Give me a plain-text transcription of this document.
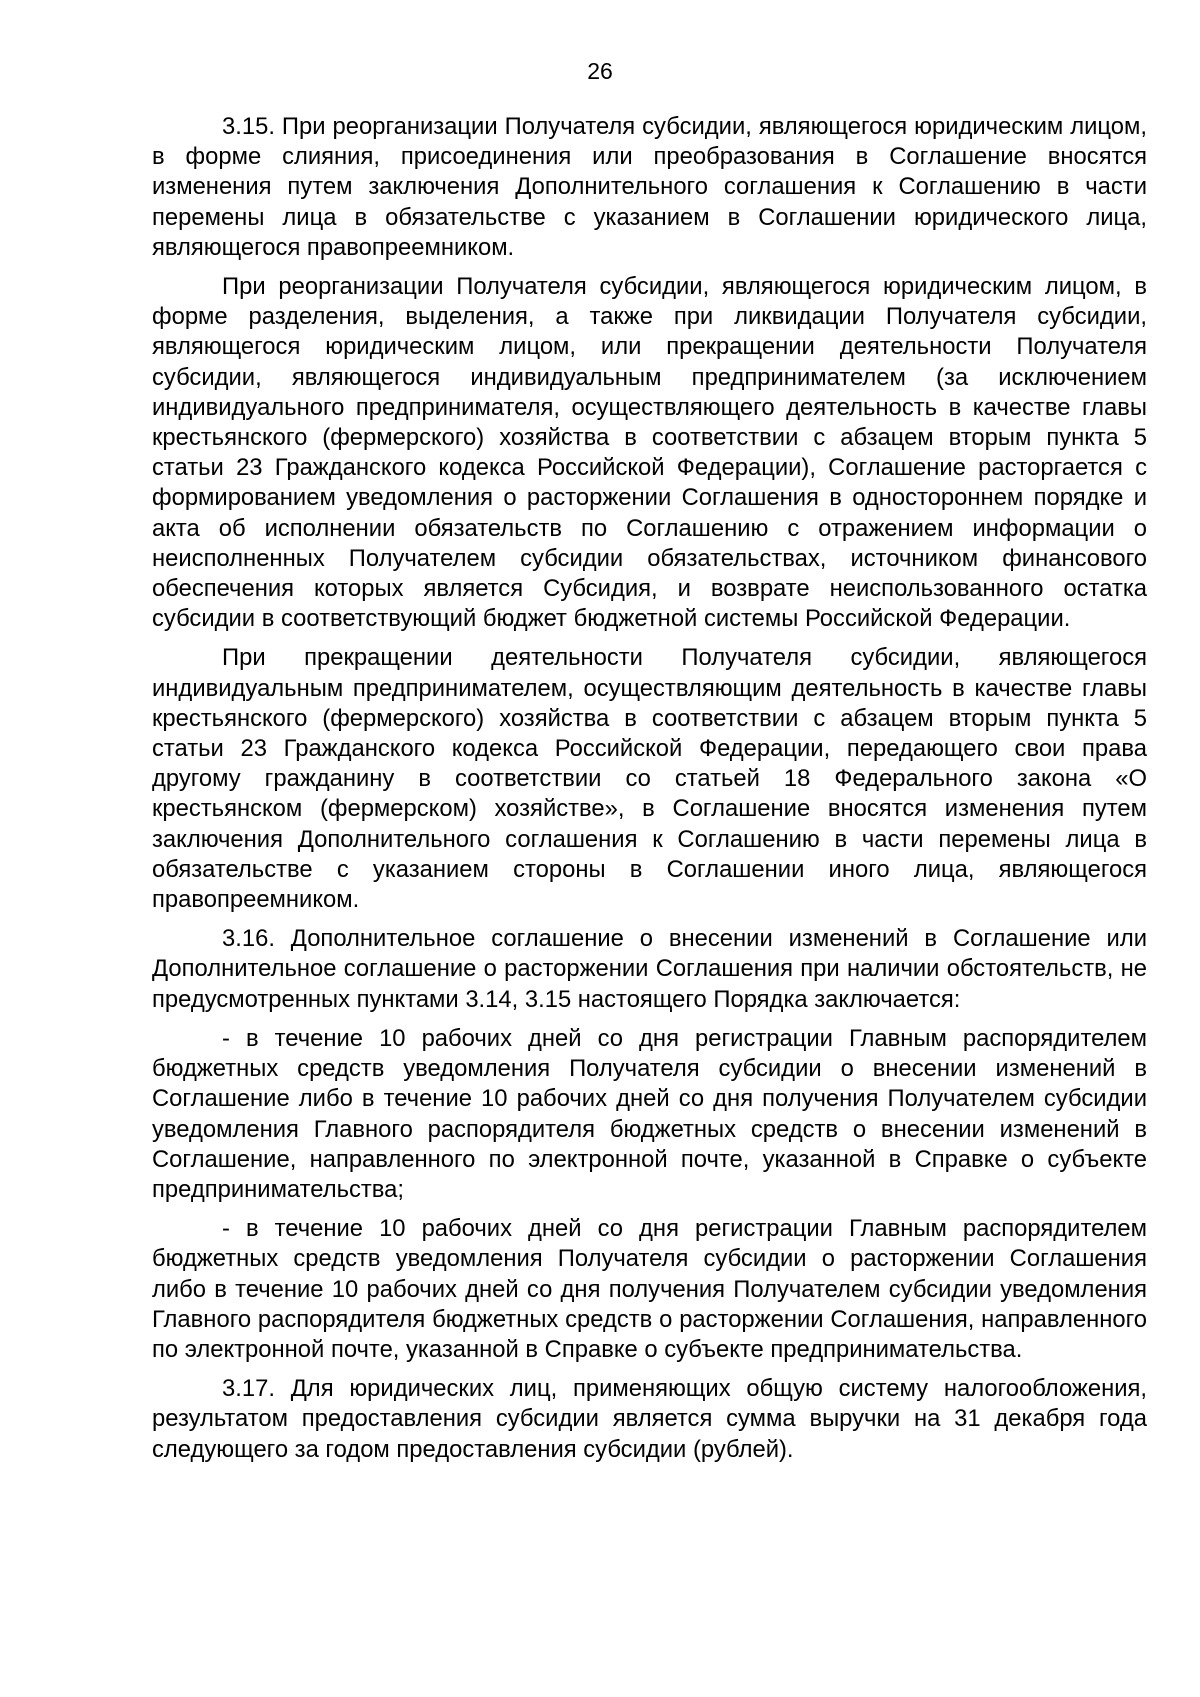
26

3.15. При реорганизации Получателя субсидии, являющегося юридическим лицом, в форме слияния, присоединения или преобразования в Соглашение вносятся изменения путем заключения Дополнительного соглашения к Соглашению в части перемены лица в обязательстве с указанием в Соглашении юридического лица, являющегося правопреемником.

При реорганизации Получателя субсидии, являющегося юридическим лицом, в форме разделения, выделения, а также при ликвидации Получателя субсидии, являющегося юридическим лицом, или прекращении деятельности Получателя субсидии, являющегося индивидуальным предпринимателем (за исключением индивидуального предпринимателя, осуществляющего деятельность в качестве главы крестьянского (фермерского) хозяйства в соответствии с абзацем вторым пункта 5 статьи 23 Гражданского кодекса Российской Федерации), Соглашение расторгается с формированием уведомления о расторжении Соглашения в одностороннем порядке и акта об исполнении обязательств по Соглашению с отражением информации о неисполненных Получателем субсидии обязательствах, источником финансового обеспечения которых является Субсидия, и возврате неиспользованного остатка субсидии в соответствующий бюджет бюджетной системы Российской Федерации.

При прекращении деятельности Получателя субсидии, являющегося индивидуальным предпринимателем, осуществляющим деятельность в качестве главы крестьянского (фермерского) хозяйства в соответствии с абзацем вторым пункта 5 статьи 23 Гражданского кодекса Российской Федерации, передающего свои права другому гражданину в соответствии со статьей 18 Федерального закона «О крестьянском (фермерском) хозяйстве», в Соглашение вносятся изменения путем заключения Дополнительного соглашения к Соглашению в части перемены лица в обязательстве с указанием стороны в Соглашении иного лица, являющегося правопреемником.

3.16. Дополнительное соглашение о внесении изменений в Соглашение или Дополнительное соглашение о расторжении Соглашения при наличии обстоятельств, не предусмотренных пунктами 3.14, 3.15 настоящего Порядка заключается:

- в течение 10 рабочих дней со дня регистрации Главным распорядителем бюджетных средств уведомления Получателя субсидии о внесении изменений в Соглашение либо в течение 10 рабочих дней со дня получения Получателем субсидии уведомления Главного распорядителя бюджетных средств о внесении изменений в Соглашение, направленного по электронной почте, указанной в Справке о субъекте предпринимательства;

- в течение 10 рабочих дней со дня регистрации Главным распорядителем бюджетных средств уведомления Получателя субсидии о расторжении Соглашения либо в течение 10 рабочих дней со дня получения Получателем субсидии уведомления Главного распорядителя бюджетных средств о расторжении Соглашения, направленного по электронной почте, указанной в Справке о субъекте предпринимательства.

3.17. Для юридических лиц, применяющих общую систему налогообложения, результатом предоставления субсидии является сумма выручки на 31 декабря года следующего за годом предоставления субсидии (рублей).
